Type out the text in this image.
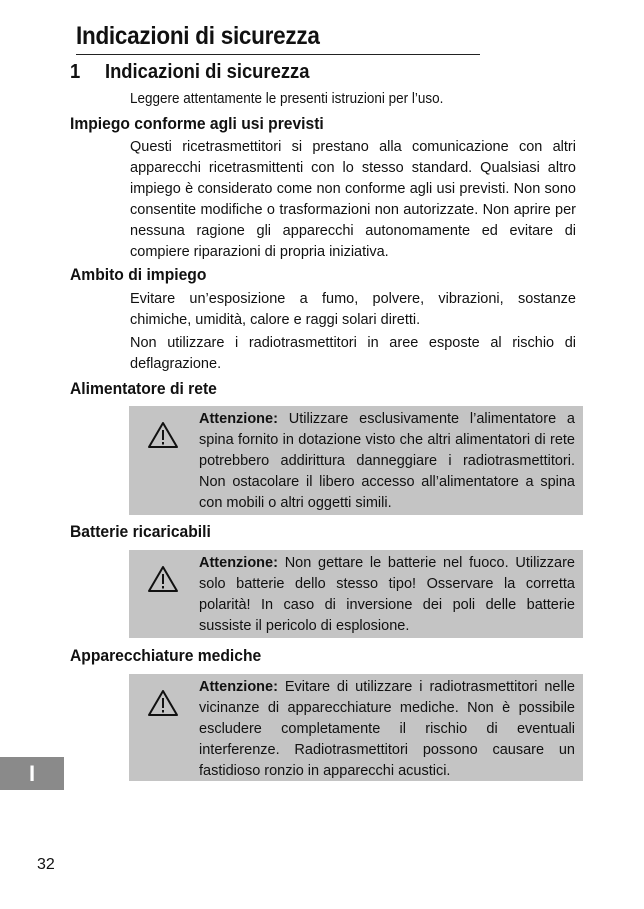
Indicazioni di sicurezza
1 Indicazioni di sicurezza
Leggere attentamente le presenti istruzioni per l’uso.
Impiego conforme agli usi previsti

Questi ricetrasmettitori si prestano alla comunicazione con altri apparecchi ricetrasmittenti con lo stesso standard. Qualsiasi altro impiego è considerato come non conforme agli usi previsti. Non sono consentite modifiche o trasformazioni non autorizzate. Non aprire per nessuna ragione gli apparecchi autonomamente ed evitare di compiere riparazioni di propria iniziativa.

Ambito di impiego

Evitare un’esposizione a fumo, polvere, vibrazioni, sostanze chimiche, umidità, calore e raggi solari diretti.

Non utilizzare i radiotrasmettitori in aree esposte al rischio di deflagrazione.

Alimentatore di rete

Attenzione: Utilizzare esclusivamente l’alimentatore a spina fornito in dotazione visto che altri alimentatori di rete potrebbero addirittura danneggiare i radiotrasmettitori. Non ostacolare il libero accesso all’alimentatore a spina con mobili o altri oggetti simili.

Batterie ricaricabili

Attenzione: Non gettare le batterie nel fuoco. Utilizzare solo batterie dello stesso tipo! Osservare la corretta polarità! In caso di inversione dei poli delle batterie sussiste il pericolo di esplosione.

Apparecchiature mediche

Attenzione: Evitare di utilizzare i radiotrasmettitori nelle vicinanze di apparecchiature mediche. Non è possibile escludere completamente il rischio di eventuali interferenze. Radiotrasmettitori possono causare un fastidioso ronzio in apparecchi acustici.

I
32
